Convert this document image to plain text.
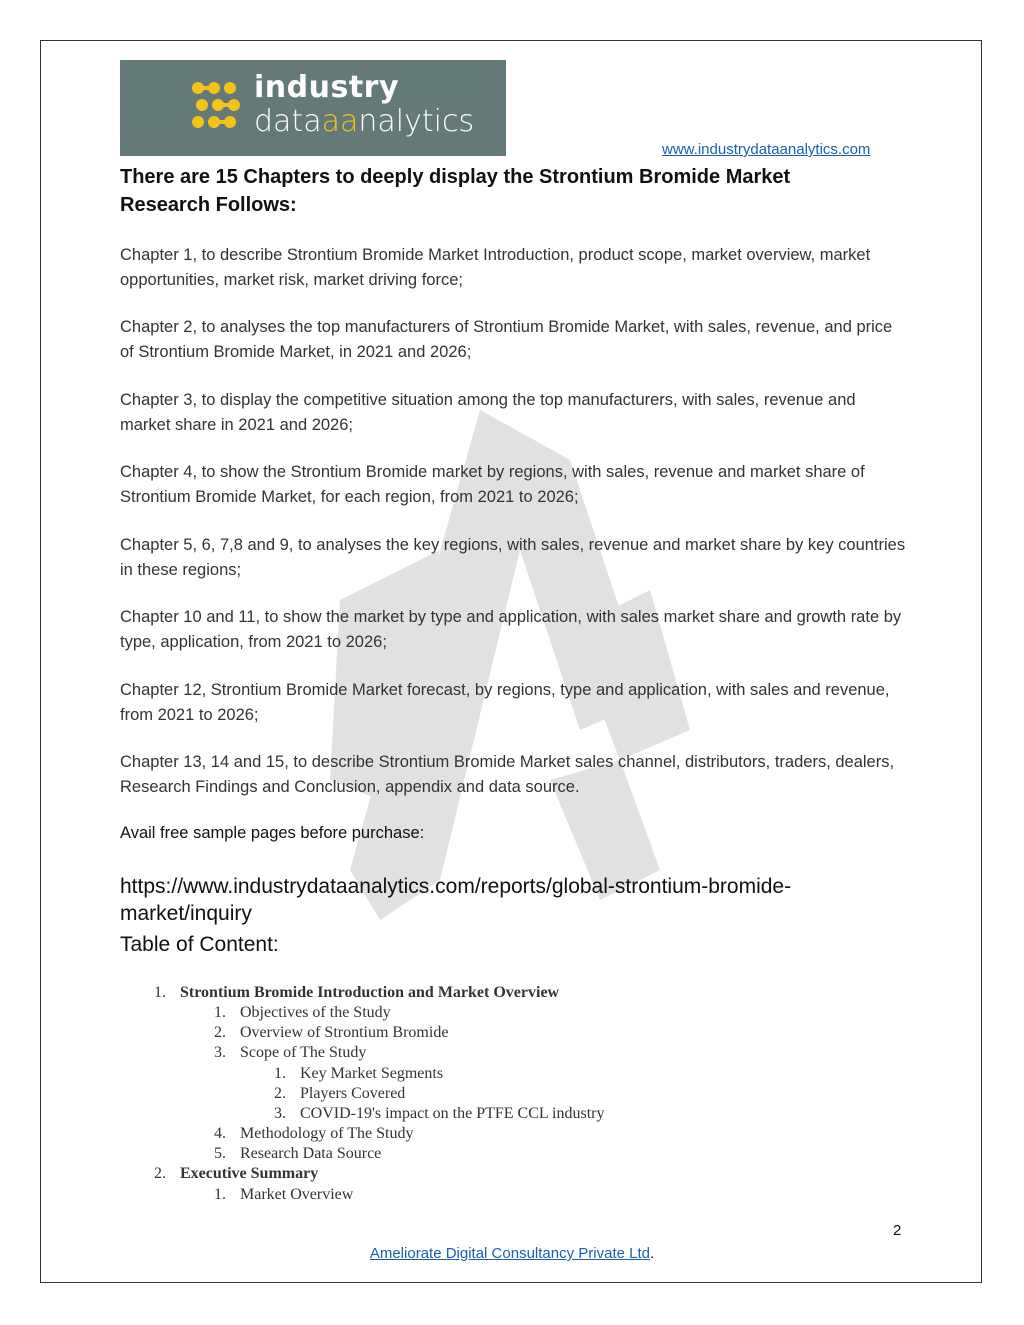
industry
dataaanalytics
www.industrydataanalytics.com
There are 15 Chapters to deeply display the Strontium Bromide Market Research Follows:
Chapter 1, to describe Strontium Bromide Market Introduction, product scope, market overview, market opportunities, market risk, market driving force;
Chapter 2, to analyses the top manufacturers of Strontium Bromide Market, with sales, revenue, and price of Strontium Bromide Market, in 2021 and 2026;
Chapter 3, to display the competitive situation among the top manufacturers, with sales, revenue and market share in 2021 and 2026;
Chapter 4, to show the Strontium Bromide market by regions, with sales, revenue and market share of Strontium Bromide Market, for each region, from 2021 to 2026;
Chapter 5, 6, 7,8 and 9, to analyses the key regions, with sales, revenue and market share by key countries in these regions;
Chapter 10 and 11, to show the market by type and application, with sales market share and growth rate by type, application, from 2021 to 2026;
Chapter 12, Strontium Bromide Market forecast, by regions, type and application, with sales and revenue, from 2021 to 2026;
Chapter 13, 14 and 15, to describe Strontium Bromide Market sales channel, distributors, traders, dealers, Research Findings and Conclusion, appendix and data source.
Avail free sample pages before purchase:
https://www.industrydataanalytics.com/reports/global-strontium-bromide-market/inquiry
Table of Content:
1. Strontium Bromide Introduction and Market Overview
1. Objectives of the Study
2. Overview of Strontium Bromide
3. Scope of The Study
1. Key Market Segments
2. Players Covered
3. COVID-19's impact on the PTFE CCL industry
4. Methodology of The Study
5. Research Data Source
2. Executive Summary
1. Market Overview
2
Ameliorate Digital Consultancy Private Ltd.
